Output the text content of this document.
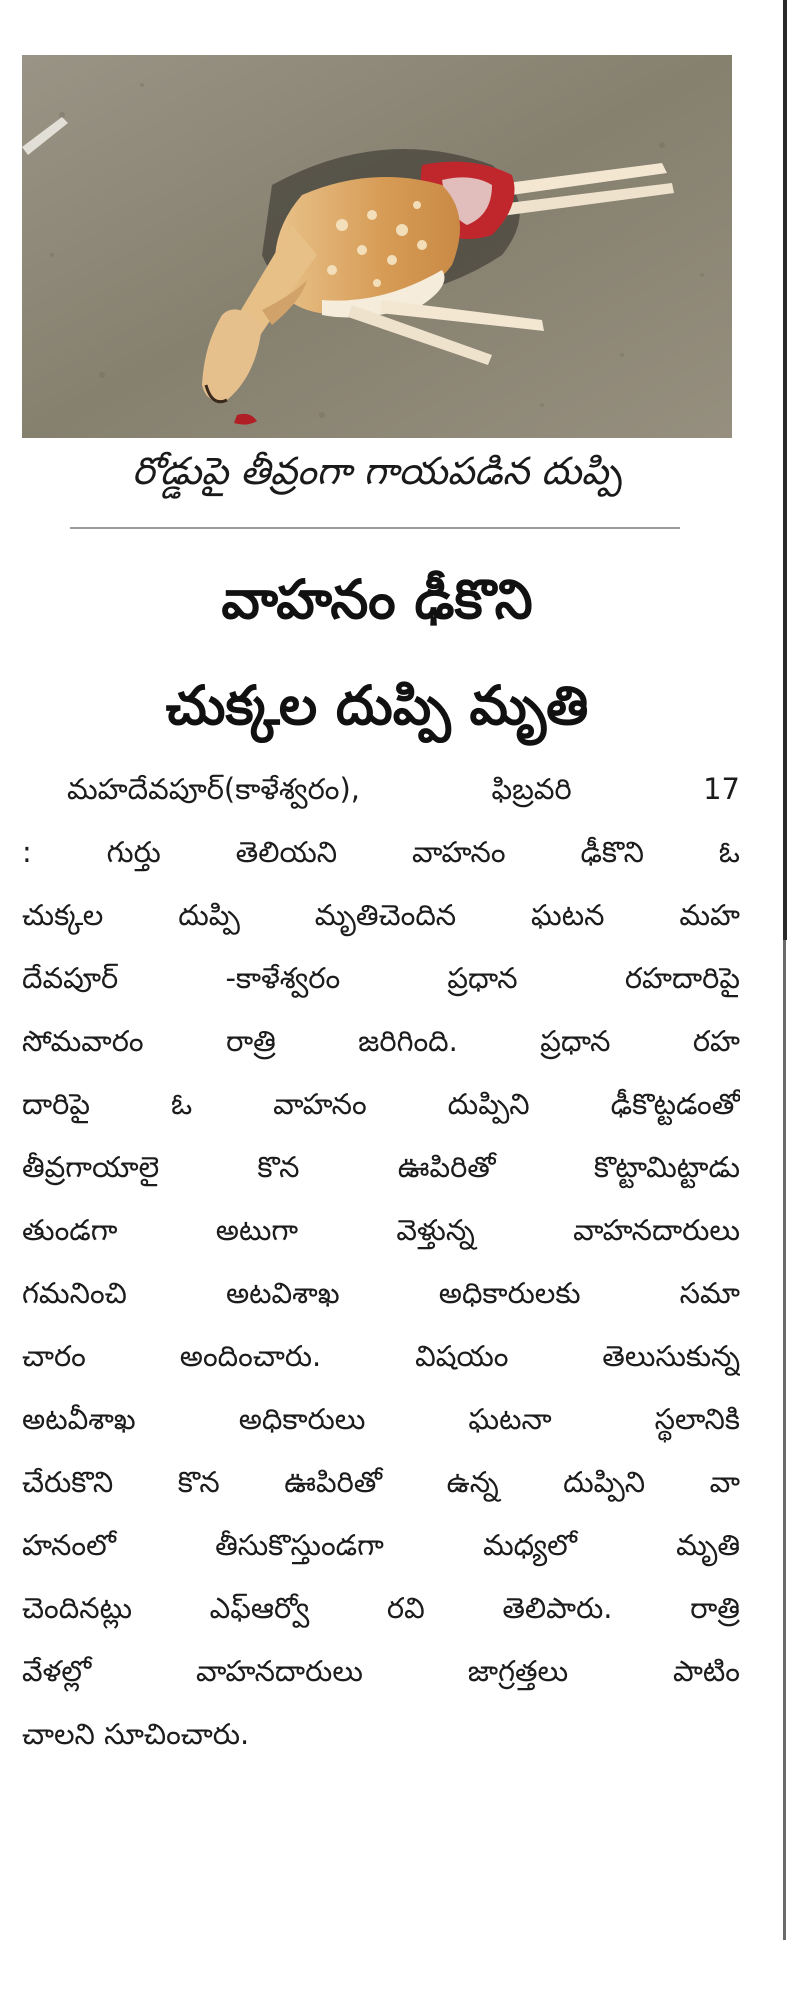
రోడ్డుపై తీవ్రంగా గాయపడిన దుప్పి
వాహనం ఢీకొని
చుక్కల దుప్పి మృతి
మహదేవపూర్(కాళేశ్వరం), ఫిబ్రవరి 17
: గుర్తు తెలియని వాహనం ఢీకొని ఓ
చుక్కల దుప్పి మృతిచెందిన ఘటన మహ
దేవపూర్ -కాళేశ్వరం ప్రధాన రహదారిపై
సోమవారం రాత్రి జరిగింది. ప్రధాన రహ
దారిపై ఓ వాహనం దుప్పిని ఢీకొట్టడంతో
తీవ్రగాయాలై కొన ఊపిరితో కొట్టామిట్టాడు
తుండగా అటుగా వెళ్తున్న వాహనదారులు
గమనించి అటవిశాఖ అధికారులకు సమా
చారం అందించారు. విషయం తెలుసుకున్న
అటవీశాఖ అధికారులు ఘటనా స్థలానికి
చేరుకొని కొన ఊపిరితో ఉన్న దుప్పిని వా
హనంలో తీసుకొస్తుండగా మధ్యలో మృతి
చెందినట్లు ఎఫ్ఆర్వో రవి తెలిపారు. రాత్రి
వేళల్లో వాహనదారులు జాగ్రత్తలు పాటిం
చాలని సూచించారు.
